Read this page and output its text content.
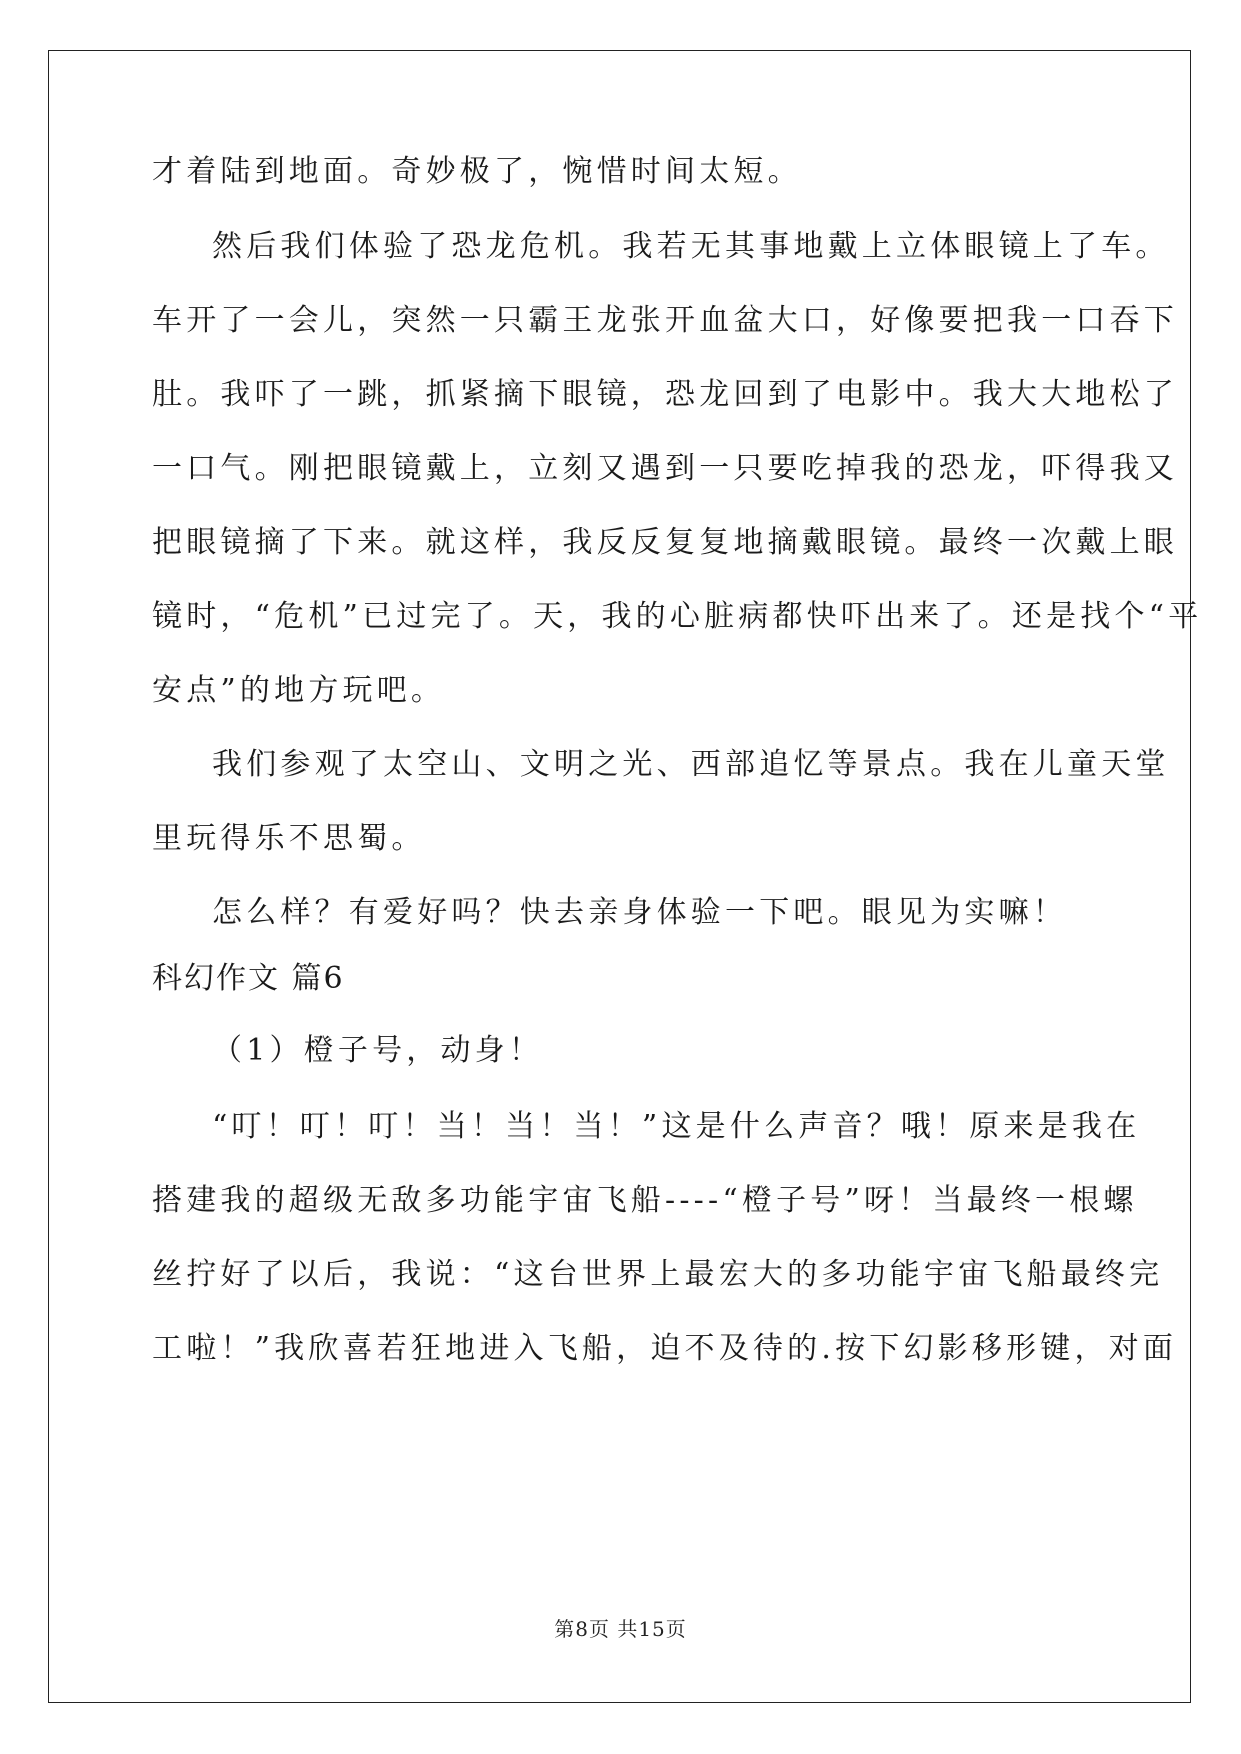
才着陆到地面。奇妙极了，惋惜时间太短。
然后我们体验了恐龙危机。我若无其事地戴上立体眼镜上了车。
车开了一会儿，突然一只霸王龙张开血盆大口，好像要把我一口吞下
肚。我吓了一跳，抓紧摘下眼镜，恐龙回到了电影中。我大大地松了
一口气。刚把眼镜戴上，立刻又遇到一只要吃掉我的恐龙，吓得我又
把眼镜摘了下来。就这样，我反反复复地摘戴眼镜。最终一次戴上眼
镜时，“危机”已过完了。天，我的心脏病都快吓出来了。还是找个“平
安点”的地方玩吧。
我们参观了太空山、文明之光、西部追忆等景点。我在儿童天堂
里玩得乐不思蜀。
怎么样？有爱好吗？快去亲身体验一下吧。眼见为实嘛！
科幻作文 篇6
（1）橙子号，动身！
“叮！叮！叮！当！当！当！”这是什么声音？哦！原来是我在
搭建我的超级无敌多功能宇宙飞船----“橙子号”呀！当最终一根螺
丝拧好了以后，我说：“这台世界上最宏大的多功能宇宙飞船最终完
工啦！”我欣喜若狂地进入飞船，迫不及待的.按下幻影移形键，对面
第8页 共15页
